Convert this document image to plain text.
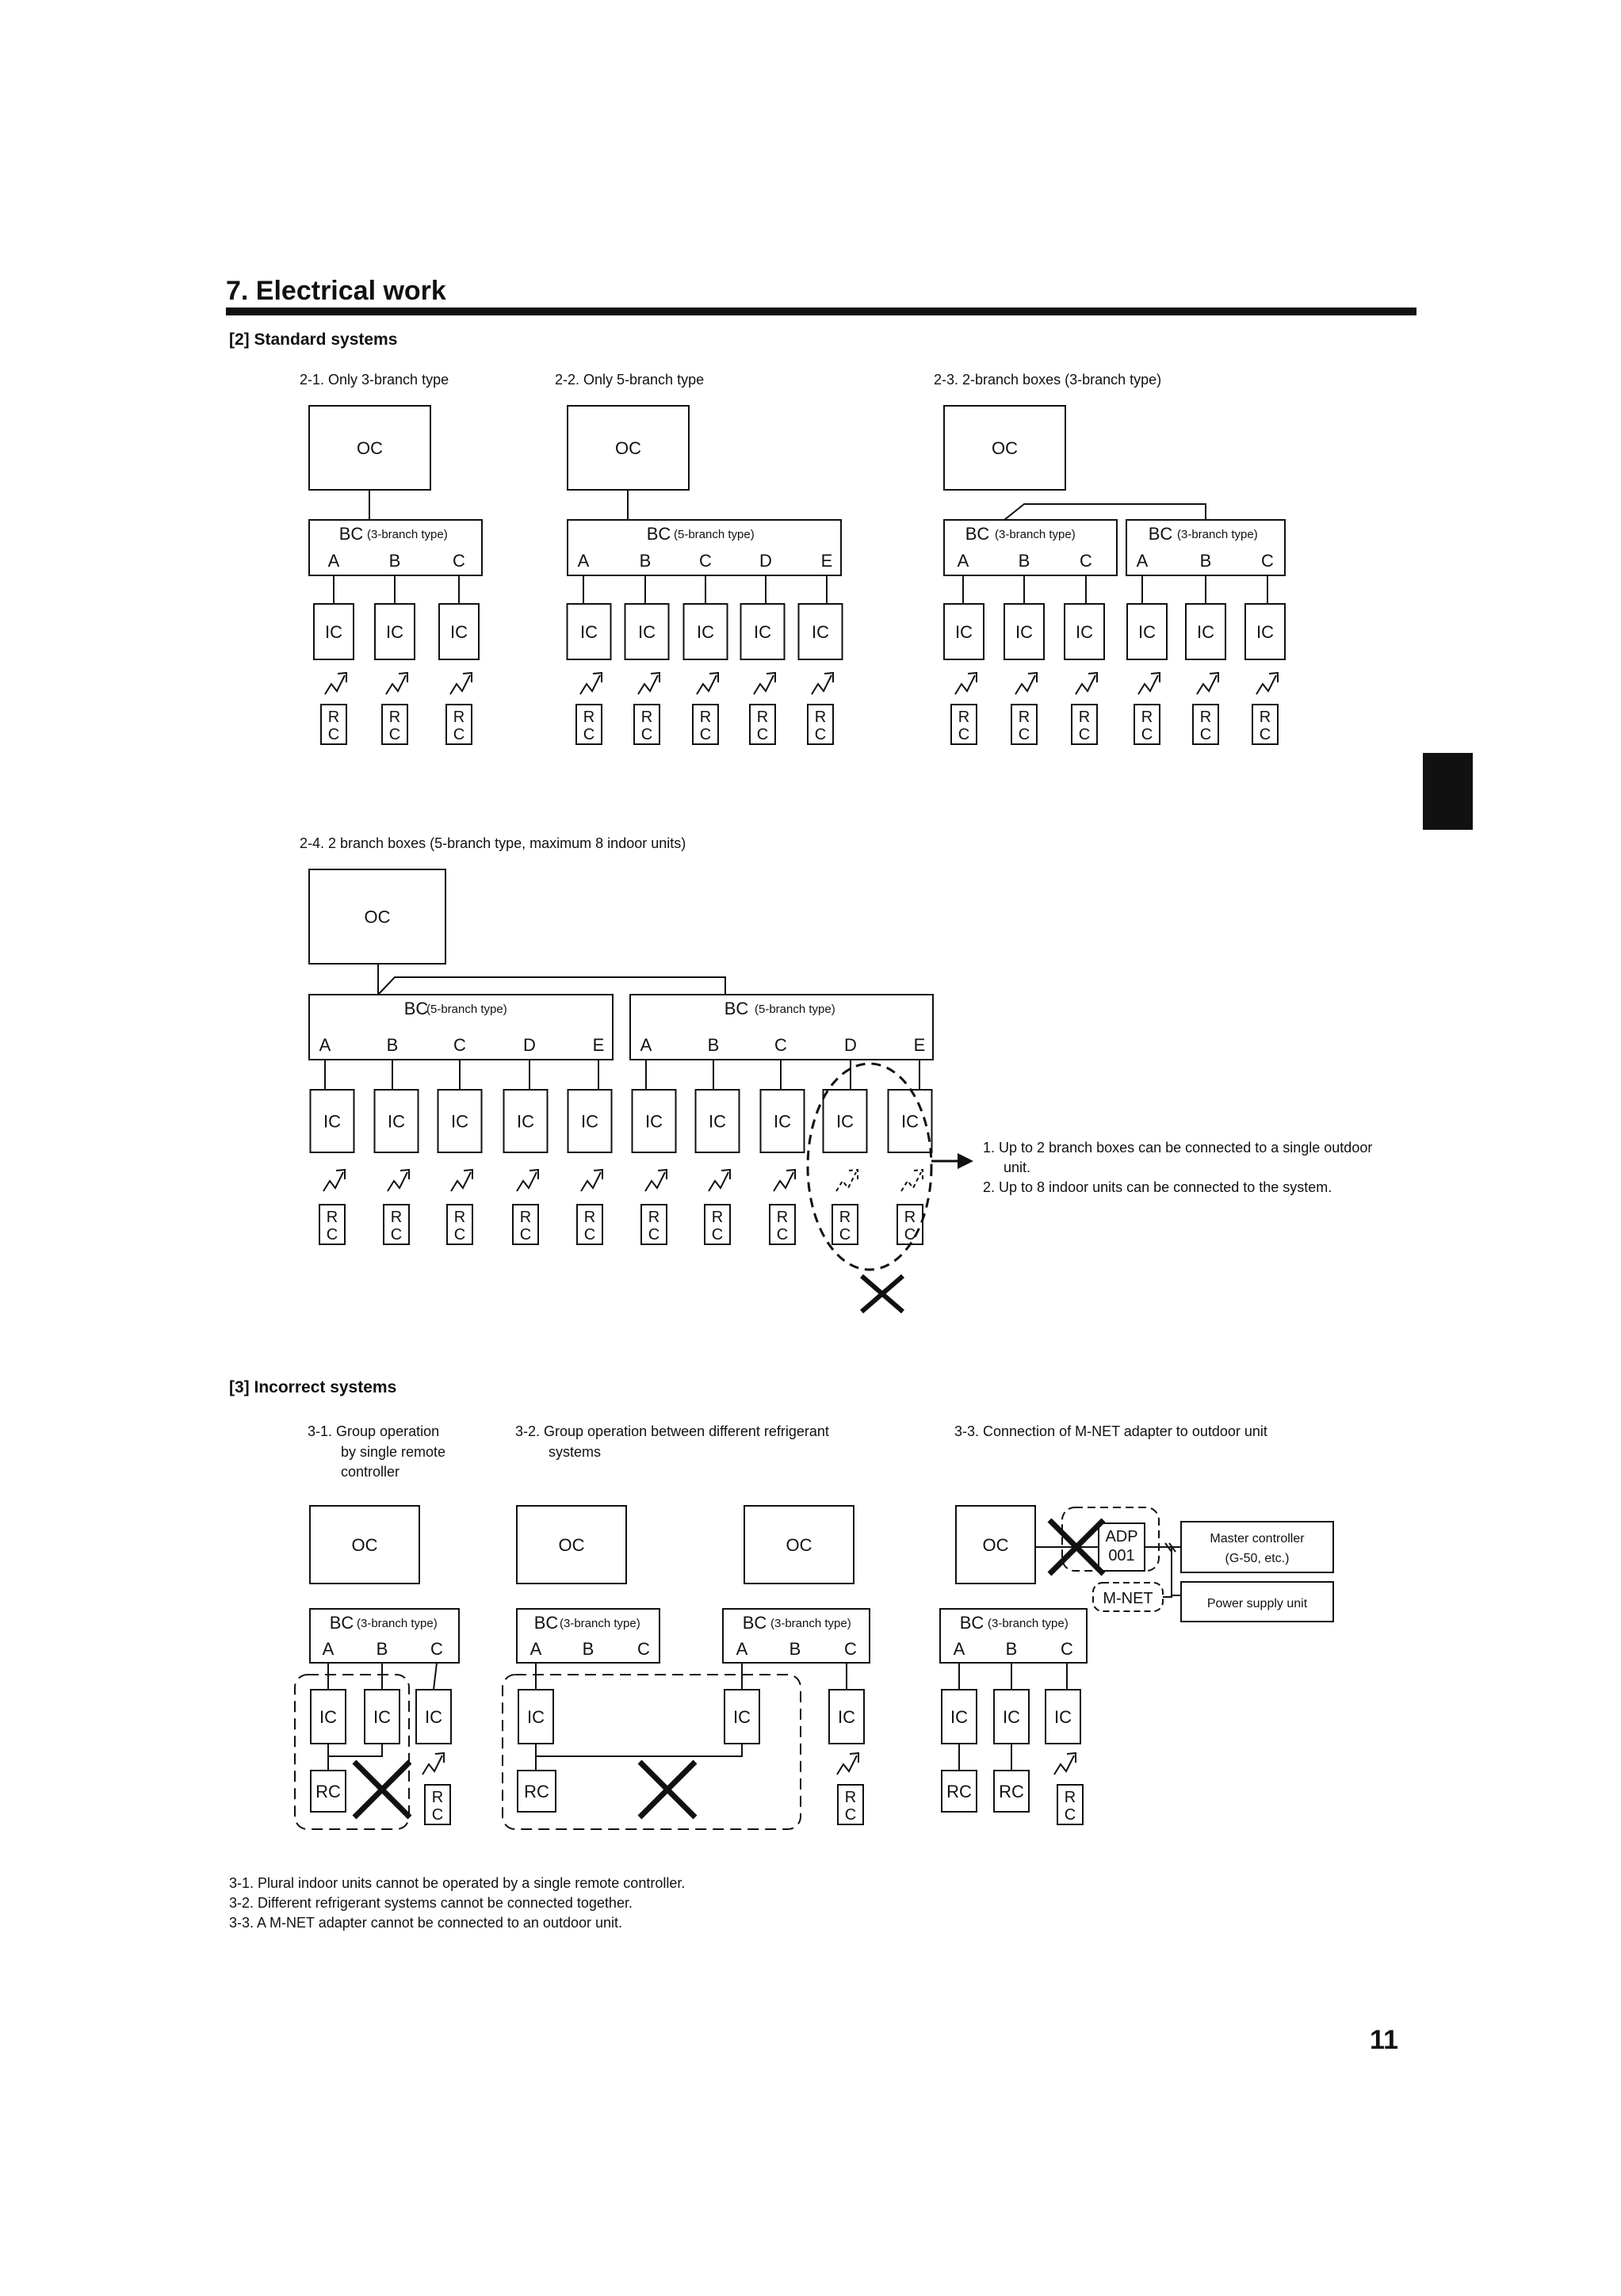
7. Electrical work
[2] Standard systems
2-1. Only 3-branch type	2-2. Only 5-branch type	2-3. 2-branch boxes (3-branch type)
2-4. 2 branch boxes (5-branch type, maximum 8 indoor units)
OC
BC (3-branch type)
A	B	C
IC
R
C
IC
R
C
IC
R
C
OC
BC (5-branch type)
A	B	C	D	E
IC
R
C
IC
R
C
IC
R
C
IC
R
C
IC
R
C
OC
BC (3-branch type)
A	B	C
BC (3-branch type)
A	B	C
IC
R
C
IC
R
C
IC
R
C
IC
R
C
IC
R
C
IC
R
C
OC
BC
(5-branch type)
A	B	C	D	E
BC (5-branch type)
A	B	C	D	E
IC
R
C
IC
R
C
IC
R
C
IC
R
C
IC
R
C
IC
R
C
IC
R
C
IC
R
C
IC
R
C
IC
R
C
1. Up to 2 branch boxes can be connected to a single outdoor
unit.
2. Up to 8 indoor units can be connected to the system.
[3] Incorrect systems
3-1. Group operation
by single remote
controller
3-2. Group operation between different refrigerant
systems
3-3. Connection of M-NET adapter to outdoor unit
OC
BC (3-branch type)
A B C
IC IC IC
RC	R
C
OC	OC
BC (3-branch type)
A B C
BC (3-branch type)
A B C
IC	IC	IC
RC	R
C
OC
BC (3-branch type)
A B C
IC IC IC
RC RC	R
C
ADP
001
M-NET
Master controller
(G-50, etc.)
Power supply unit
3-1. Plural indoor units cannot be operated by a single remote controller.
3-2. Different refrigerant systems cannot be connected together.
3-3. A M-NET adapter cannot be connected to an outdoor unit.
11
